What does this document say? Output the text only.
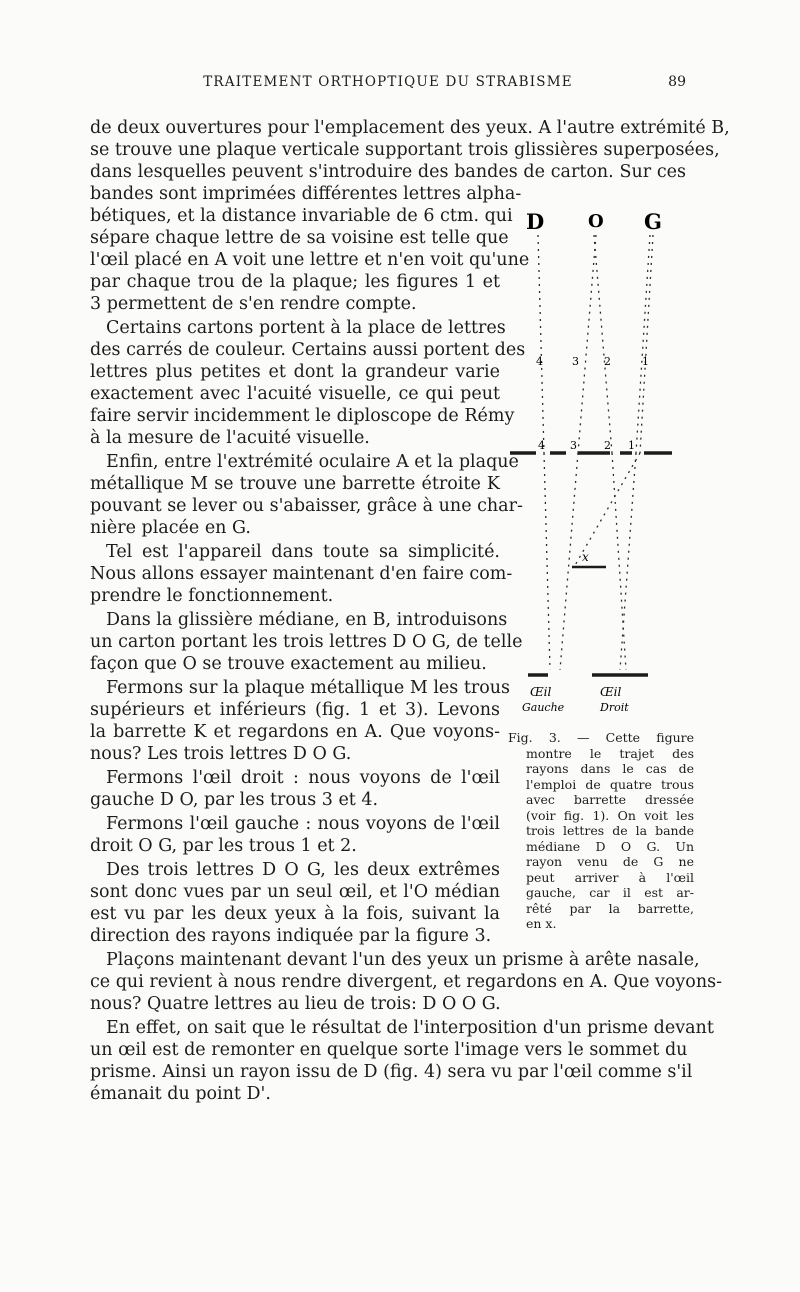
TRAITEMENT ORTHOPTIQUE DU STRABISME	89
de deux ouvertures pour l'emplacement des yeux. A l'autre extrémité B,
se trouve une plaque verticale supportant trois glissières superposées,
dans lesquelles peuvent s'introduire des bandes de carton. Sur ces
bandes sont imprimées différentes lettres alpha-
bétiques, et la distance invariable de 6 ctm. qui
sépare chaque lettre de sa voisine est telle que
l'œil placé en A voit une lettre et n'en voit qu'une
par chaque trou de la plaque; les figures 1 et
3 permettent de s'en rendre compte.
Certains cartons portent à la place de lettres
des carrés de couleur. Certains aussi portent des
lettres plus petites et dont la grandeur varie
exactement avec l'acuité visuelle, ce qui peut
faire servir incidemment le diploscope de Rémy
à la mesure de l'acuité visuelle.
Enfin, entre l'extrémité oculaire A et la plaque
métallique M se trouve une barrette étroite K
pouvant se lever ou s'abaisser, grâce à une char-
nière placée en G.
Tel est l'appareil dans toute sa simplicité.
Nous allons essayer maintenant d'en faire com-
prendre le fonctionnement.
Dans la glissière médiane, en B, introduisons
un carton portant les trois lettres D O G, de telle
façon que O se trouve exactement au milieu.
Fermons sur la plaque métallique M les trous
supérieurs et inférieurs (fig. 1 et 3). Levons
la barrette K et regardons en A. Que voyons-
nous? Les trois lettres D O G.
Fermons l'œil droit : nous voyons de l'œil
gauche D O, par les trous 3 et 4.
Fermons l'œil gauche : nous voyons de l'œil
droit O G, par les trous 1 et 2.
Des trois lettres D O G, les deux extrêmes
sont donc vues par un seul œil, et l'O médian
est vu par les deux yeux à la fois, suivant la
direction des rayons indiquée par la figure 3.
Plaçons maintenant devant l'un des yeux un prisme à arête nasale,
ce qui revient à nous rendre divergent, et regardons en A. Que voyons-
nous? Quatre lettres au lieu de trois: D O O G.
En effet, on sait que le résultat de l'interposition d'un prisme devant
un œil est de remonter en quelque sorte l'image vers le sommet du
prisme. Ainsi un rayon issu de D (fig. 4) sera vu par l'œil comme s'il
émanait du point D'.
D O G
4	3 2	1
4 3 2 1
x
Œil
Gauche
Œil
Droit
Fig. 3. — Cette figure
montre le trajet des
rayons dans le cas de
l'emploi de quatre trous
avec barrette dressée
(voir fig. 1). On voit les
trois lettres de la bande
médiane D O G. Un
rayon venu de G ne
peut arriver à l'œil
gauche, car il est ar-
rêté par la barrette,
en x.
